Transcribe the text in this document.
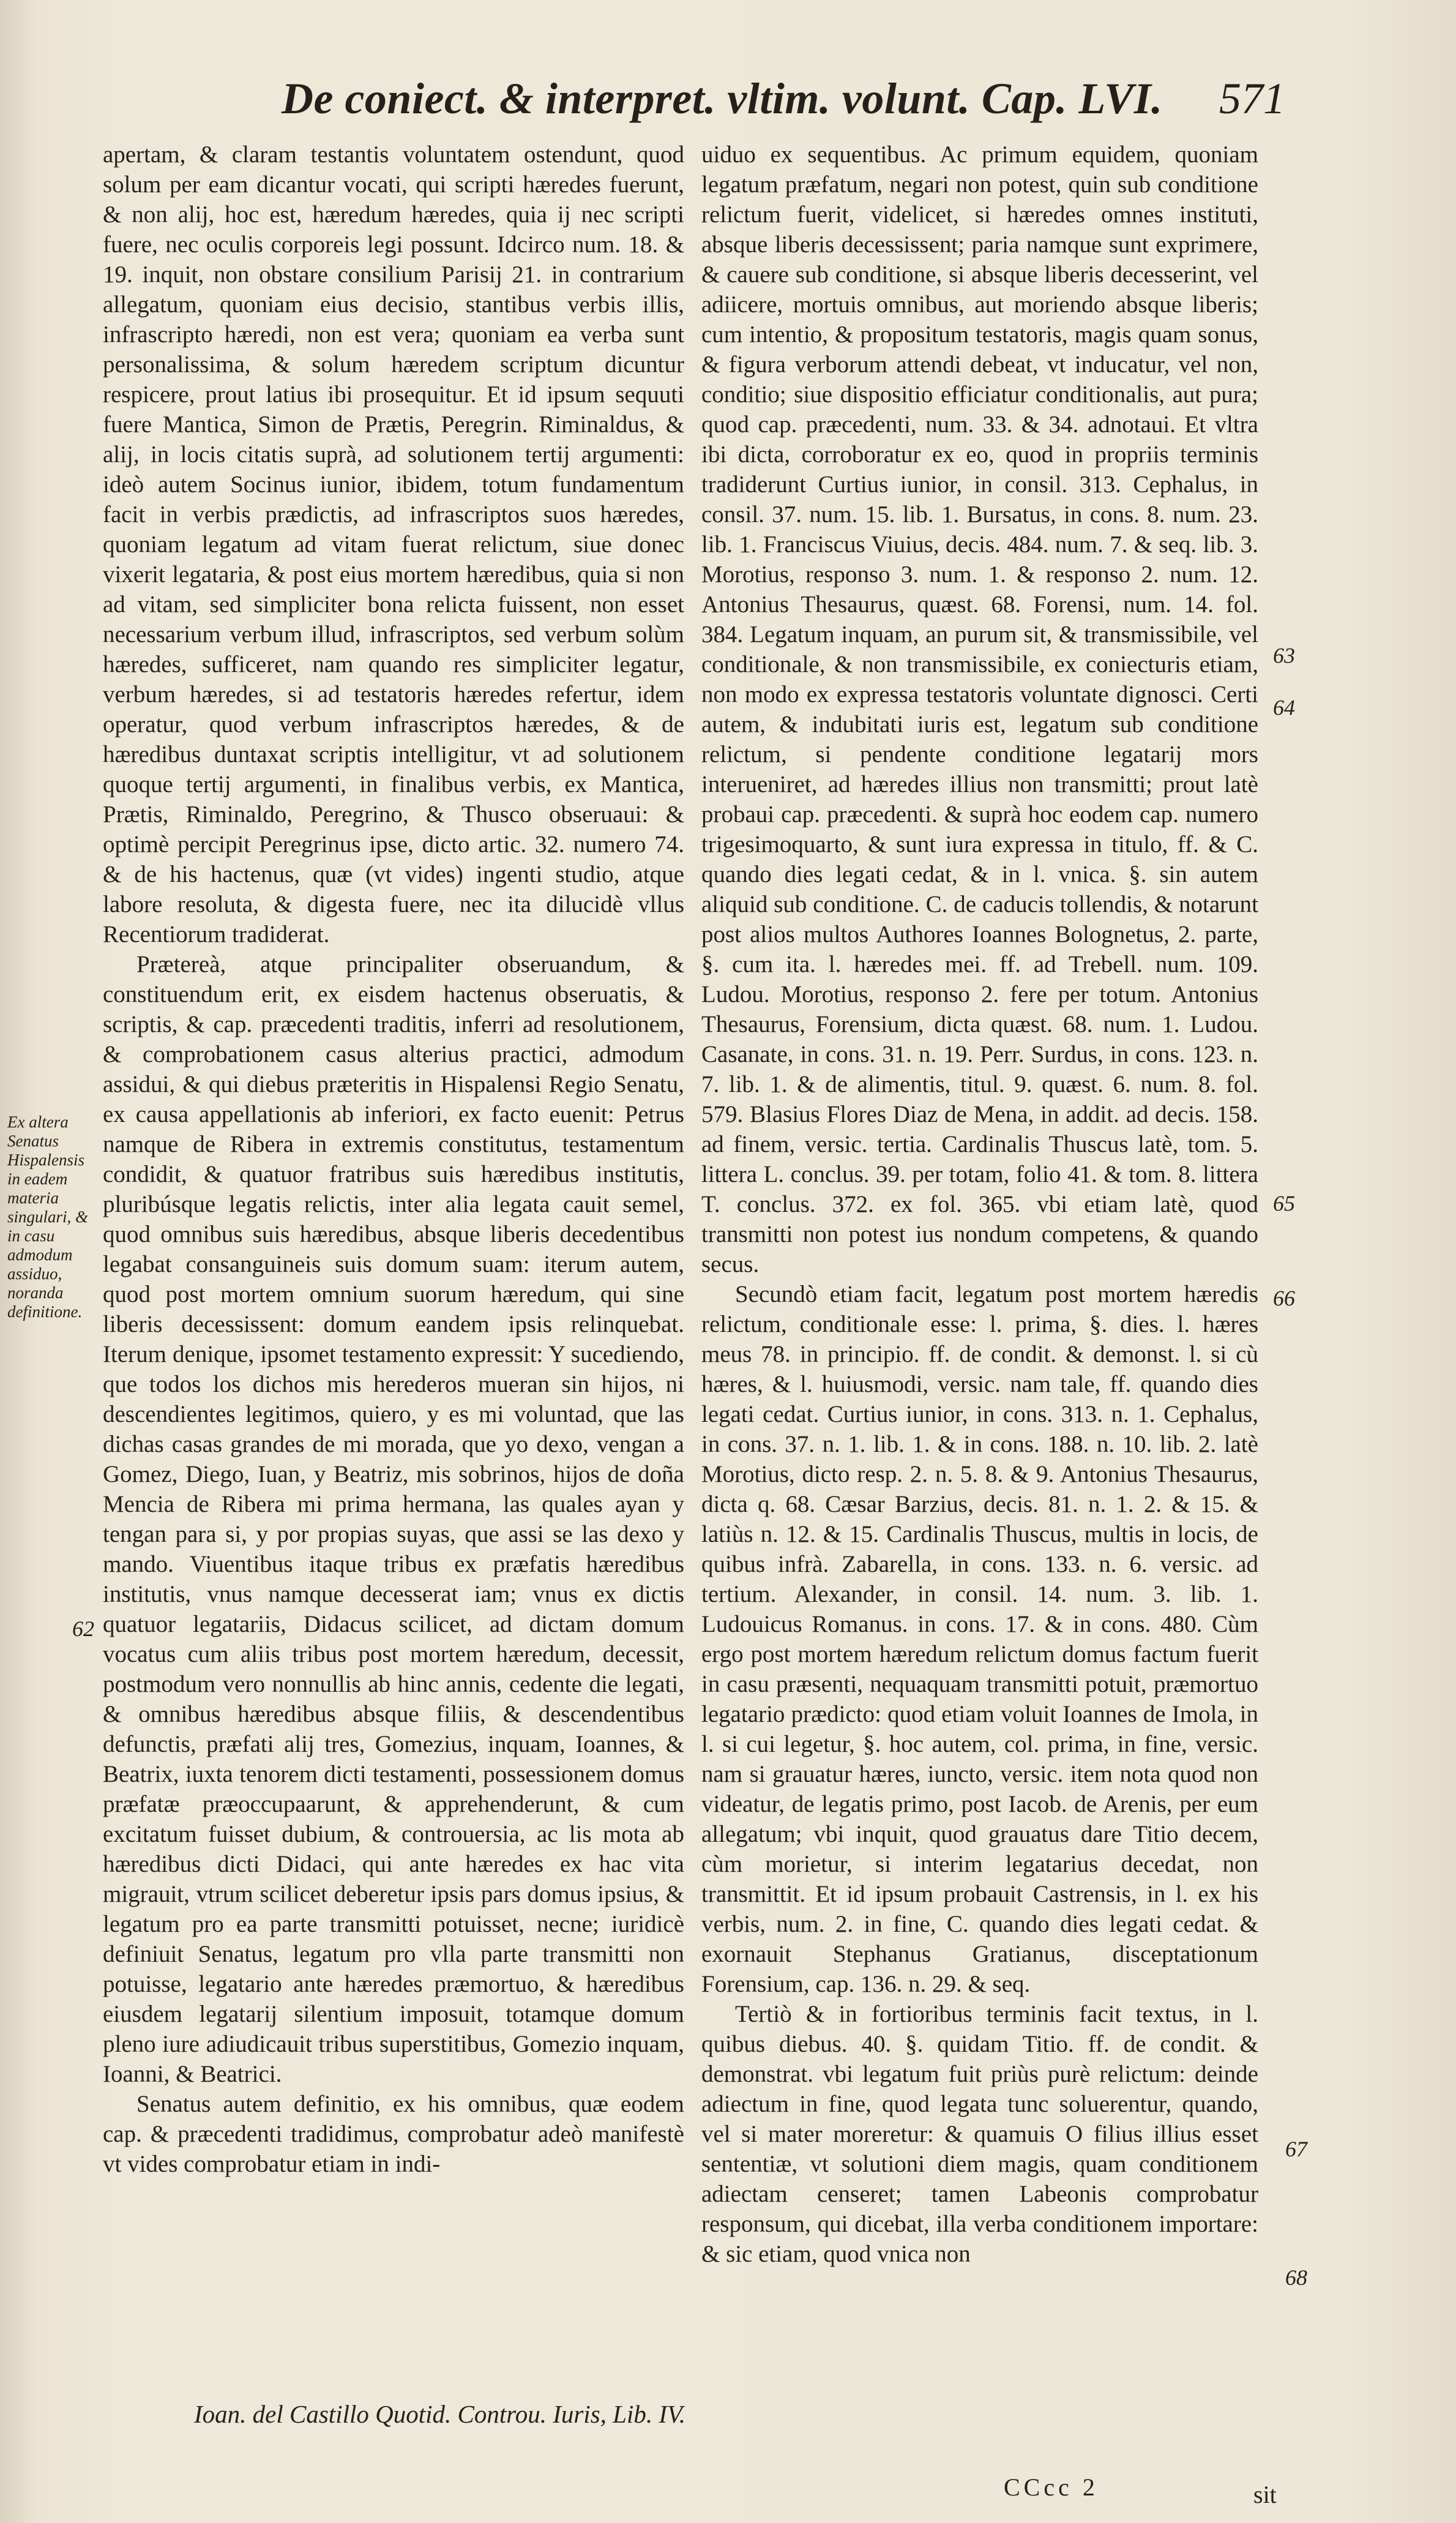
De coniect. & interpret. vltim. volunt. Cap. LVI. 571

apertam, & claram testantis voluntatem ostendunt, quod solum per eam dicantur vocati, qui scripti hæredes fuerunt, & non alij, hoc est, hæredum hæredes, quia ij nec scripti fuere, nec oculis corporeis legi possunt. Idcirco num. 18. & 19. inquit, non obstare consilium Parisij 21. in contrarium allegatum, quoniam eius decisio, stantibus verbis illis, infrascripto hæredi, non est vera; quoniam ea verba sunt personalissima, & solum hæredem scriptum dicuntur respicere, prout latius ibi prosequitur. Et id ipsum sequuti fuere Mantica, Simon de Prætis, Peregrin. Riminaldus, & alij, in locis citatis suprà, ad solutionem tertij argumenti: ideò autem Socinus iunior, ibidem, totum fundamentum facit in verbis prædictis, ad infrascriptos suos hæredes, quoniam legatum ad vitam fuerat relictum, siue donec vixerit legataria, & post eius mortem hæredibus, quia si non ad vitam, sed simpliciter bona relicta fuissent, non esset necessarium verbum illud, infrascriptos, sed verbum solùm hæredes, sufficeret, nam quando res simpliciter legatur, verbum hæredes, si ad testatoris hæredes refertur, idem operatur, quod verbum infrascriptos hæredes, & de hæredibus duntaxat scriptis intelligitur, vt ad solutionem quoque tertij argumenti, in finalibus verbis, ex Mantica, Prætis, Riminaldo, Peregrino, & Thusco obseruaui: & optimè percipit Peregrinus ipse, dicto artic. 32. numero 74. & de his hactenus, quæ (vt vides) ingenti studio, atque labore resoluta, & digesta fuere, nec ita dilucidè vllus Recentiorum tradiderat.

Prætereà, atque principaliter obseruandum, & constituendum erit, ex eisdem hactenus obseruatis, & scriptis, & cap. præcedenti traditis, inferri ad resolutionem, & comprobationem casus alterius practici, admodum assidui, & qui diebus præteritis in Hispalensi Regio Senatu, ex causa appellationis ab inferiori, ex facto euenit: Petrus namque de Ribera in extremis constitutus, testamentum condidit, & quatuor fratribus suis hæredibus institutis, pluribúsque legatis relictis, inter alia legata cauit semel, quod omnibus suis hæredibus, absque liberis decedentibus legabat consanguineis suis domum suam: iterum autem, quod post mortem omnium suorum hæredum, qui sine liberis decessissent: domum eandem ipsis relinquebat. Iterum denique, ipsomet testamento expressit: Y sucediendo, que todos los dichos mis herederos mueran sin hijos, ni descendientes legitimos, quiero, y es mi voluntad, que las dichas casas grandes de mi morada, que yo dexo, vengan a Gomez, Diego, Iuan, y Beatriz, mis sobrinos, hijos de doña Mencia de Ribera mi prima hermana, las quales ayan y tengan para si, y por propias suyas, que assi se las dexo y mando. Viuentibus itaque tribus ex præfatis hæredibus institutis, vnus namque decesserat iam; vnus ex dictis quatuor legatariis, Didacus scilicet, ad dictam domum vocatus cum aliis tribus post mortem hæredum, decessit, postmodum vero nonnullis ab hinc annis, cedente die legati, & omnibus hæredibus absque filiis, & descendentibus defunctis, præfati alij tres, Gomezius, inquam, Ioannes, & Beatrix, iuxta tenorem dicti testamenti, possessionem domus præfatæ præoccupaarunt, & apprehenderunt, & cum excitatum fuisset dubium, & controuersia, ac lis mota ab hæredibus dicti Didaci, qui ante hæredes ex hac vita migrauit, vtrum scilicet deberetur ipsis pars domus ipsius, & legatum pro ea parte transmitti potuisset, necne; iuridicè definiuit Senatus, legatum pro vlla parte transmitti non potuisse, legatario ante hæredes præmortuo, & hæredibus eiusdem legatarij silentium imposuit, totamque domum pleno iure adiudicauit tribus superstitibus, Gomezio inquam, Ioanni, & Beatrici.

Senatus autem definitio, ex his omnibus, quæ eodem cap. & præcedenti tradidimus, comprobatur adeò manifestè vt vides comprobatur etiam in indi-

uiduo ex sequentibus. Ac primum equidem, quoniam legatum præfatum, negari non potest, quin sub conditione relictum fuerit, videlicet, si hæredes omnes instituti, absque liberis decessissent; paria namque sunt exprimere, & cauere sub conditione, si absque liberis decesserint, vel adiicere, mortuis omnibus, aut moriendo absque liberis; cum intentio, & propositum testatoris, magis quam sonus, & figura verborum attendi debeat, vt inducatur, vel non, conditio; siue dispositio efficiatur conditionalis, aut pura; quod cap. præcedenti, num. 33. & 34. adnotaui. Et vltra ibi dicta, corroboratur ex eo, quod in propriis terminis tradiderunt Curtius iunior, in consil. 313. Cephalus, in consil. 37. num. 15. lib. 1. Bursatus, in cons. 8. num. 23. lib. 1. Franciscus Viuius, decis. 484. num. 7. & seq. lib. 3. Morotius, responso 3. num. 1. & responso 2. num. 12. Antonius Thesaurus, quæst. 68. Forensi, num. 14. fol. 384. Legatum inquam, an purum sit, & transmissibile, vel conditionale, & non transmissibile, ex coniecturis etiam, non modo ex expressa testatoris voluntate dignosci. Certi autem, & indubitati iuris est, legatum sub conditione relictum, si pendente conditione legatarij mors interueniret, ad hæredes illius non transmitti; prout latè probaui cap. præcedenti. & suprà hoc eodem cap. numero trigesimoquarto, & sunt iura expressa in titulo, ff. & C. quando dies legati cedat, & in l. vnica. §. sin autem aliquid sub conditione. C. de caducis tollendis, & notarunt post alios multos Authores Ioannes Bolognetus, 2. parte, §. cum ita. l. hæredes mei. ff. ad Trebell. num. 109. Ludou. Morotius, responso 2. fere per totum. Antonius Thesaurus, Forensium, dicta quæst. 68. num. 1. Ludou. Casanate, in cons. 31. n. 19. Perr. Surdus, in cons. 123. n. 7. lib. 1. & de alimentis, titul. 9. quæst. 6. num. 8. fol. 579. Blasius Flores Diaz de Mena, in addit. ad decis. 158. ad finem, versic. tertia. Cardinalis Thuscus latè, tom. 5. littera L. conclus. 39. per totam, folio 41. & tom. 8. littera T. conclus. 372. ex fol. 365. vbi etiam latè, quod transmitti non potest ius nondum competens, & quando secus.

Secundò etiam facit, legatum post mortem hæredis relictum, conditionale esse: l. prima, §. dies. l. hæres meus 78. in principio. ff. de condit. & demonst. l. si cù hæres, & l. huiusmodi, versic. nam tale, ff. quando dies legati cedat. Curtius iunior, in cons. 313. n. 1. Cephalus, in cons. 37. n. 1. lib. 1. & in cons. 188. n. 10. lib. 2. latè Morotius, dicto resp. 2. n. 5. 8. & 9. Antonius Thesaurus, dicta q. 68. Cæsar Barzius, decis. 81. n. 1. 2. & 15. & latiùs n. 12. & 15. Cardinalis Thuscus, multis in locis, de quibus infrà. Zabarella, in cons. 133. n. 6. versic. ad tertium. Alexander, in consil. 14. num. 3. lib. 1. Ludouicus Romanus. in cons. 17. & in cons. 480. Cùm ergo post mortem hæredum relictum domus factum fuerit in casu præsenti, nequaquam transmitti potuit, præmortuo legatario prædicto: quod etiam voluit Ioannes de Imola, in l. si cui legetur, §. hoc autem, col. prima, in fine, versic. nam si grauatur hæres, iuncto, versic. item nota quod non videatur, de legatis primo, post Iacob. de Arenis, per eum allegatum; vbi inquit, quod grauatus dare Titio decem, cùm morietur, si interim legatarius decedat, non transmittit. Et id ipsum probauit Castrensis, in l. ex his verbis, num. 2. in fine, C. quando dies legati cedat. & exornauit Stephanus Gratianus, disceptationum Forensium, cap. 136. n. 29. & seq.

Tertiò & in fortioribus terminis facit textus, in l. quibus diebus. 40. §. quidam Titio. ff. de condit. & demonstrat. vbi legatum fuit priùs purè relictum: deinde adiectum in fine, quod legata tunc soluerentur, quando, vel si mater moreretur: & quamuis O filius illius esset sententiæ, vt solutioni diem magis, quam conditionem adiectam censeret; tamen Labeonis comprobatur responsum, qui dicebat, illa verba conditionem importare: & sic etiam, quod vnica non

Ex altera Senatus Hispalensis in eadem materia singulari, & in casu admodum assiduo, noranda definitione.
62
63
64
65
66
67
68
Ioan. del Castillo Quotid. Controu. Iuris, Lib. IV.
CCcc 2	sit
